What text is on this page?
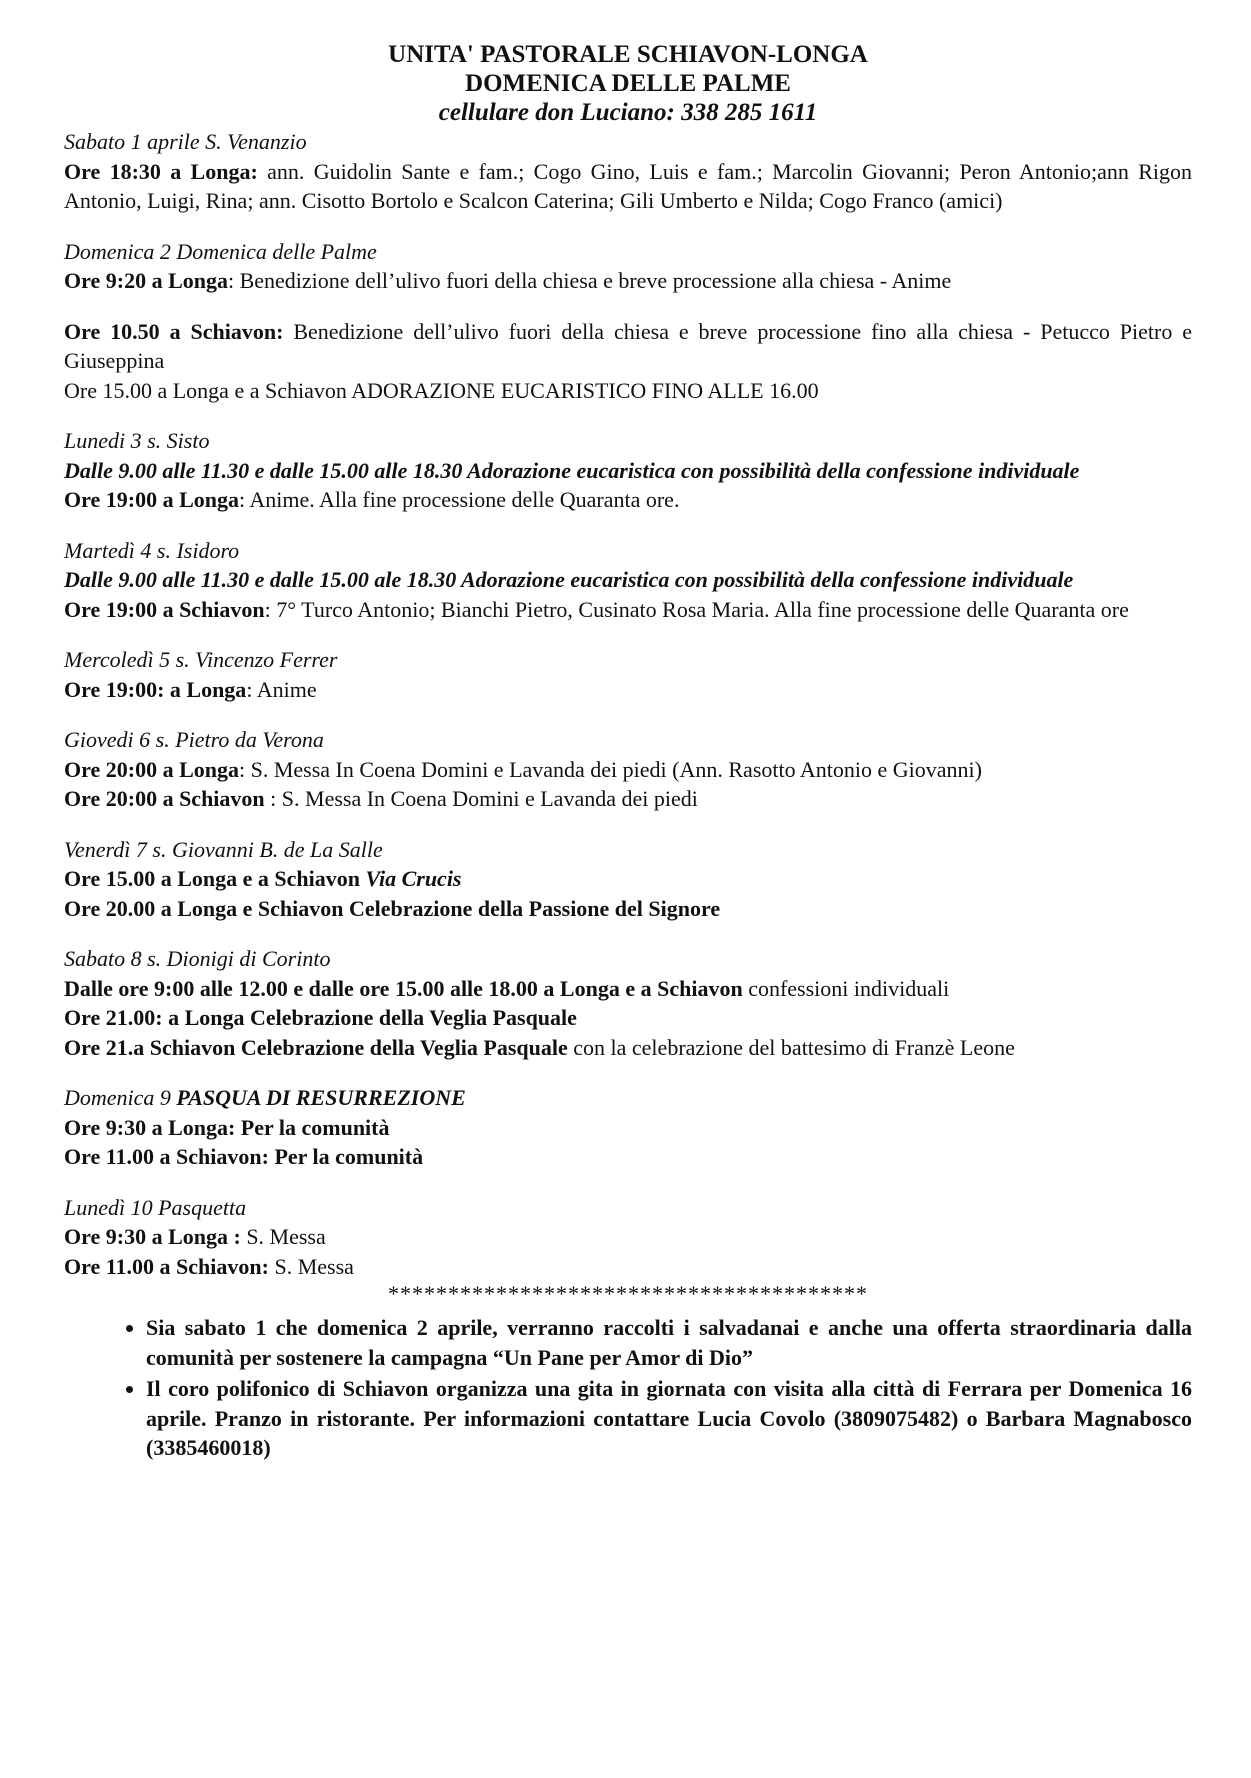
UNITA' PASTORALE SCHIAVON-LONGA
DOMENICA DELLE PALME
cellulare don Luciano: 338 285 1611
Sabato 1 aprile S. Venanzio
Ore 18:30 a Longa: ann. Guidolin Sante e fam.; Cogo Gino, Luis e fam.; Marcolin Giovanni; Peron Antonio;ann Rigon Antonio, Luigi, Rina; ann. Cisotto Bortolo e Scalcon Caterina; Gili Umberto e Nilda; Cogo Franco (amici)
Domenica 2 Domenica delle Palme
Ore 9:20 a Longa: Benedizione dell’ulivo fuori della chiesa e breve processione alla chiesa - Anime
Ore 10.50 a Schiavon: Benedizione dell’ulivo fuori della chiesa e breve processione fino alla chiesa - Petucco Pietro e Giuseppina
Ore 15.00 a Longa e a Schiavon ADORAZIONE EUCARISTICO FINO ALLE 16.00
Lunedi 3 s. Sisto
Dalle 9.00 alle 11.30 e dalle 15.00 alle 18.30 Adorazione eucaristica con possibilità della confessione individuale
Ore 19:00 a Longa: Anime. Alla fine processione delle Quaranta ore.
Martedì 4 s. Isidoro
Dalle 9.00 alle 11.30 e dalle 15.00 ale 18.30 Adorazione eucaristica con possibilità della confessione individuale
Ore 19:00 a Schiavon: 7° Turco Antonio; Bianchi Pietro, Cusinato Rosa Maria. Alla fine processione delle Quaranta ore
Mercoledì 5 s. Vincenzo Ferrer
Ore 19:00: a Longa: Anime
Giovedi 6 s. Pietro da Verona
Ore 20:00 a Longa: S. Messa In Coena Domini e Lavanda dei piedi (Ann. Rasotto Antonio e Giovanni)
Ore 20:00 a Schiavon : S. Messa In Coena Domini e Lavanda dei piedi
Venerdì 7 s. Giovanni B. de La Salle
Ore 15.00 a Longa e a Schiavon Via Crucis
Ore 20.00 a Longa e Schiavon Celebrazione della Passione del Signore
Sabato 8 s. Dionigi di Corinto
Dalle ore 9:00 alle 12.00 e dalle ore 15.00 alle 18.00 a Longa e a Schiavon confessioni individuali
Ore 21.00: a Longa Celebrazione della Veglia Pasquale
Ore 21.a Schiavon Celebrazione della Veglia Pasquale con la celebrazione del battesimo di Franzè Leone
Domenica 9 PASQUA DI RESURREZIONE
Ore 9:30 a Longa: Per la comunità
Ore 11.00 a Schiavon: Per la comunità
Lunedì 10 Pasquetta
Ore 9:30 a Longa : S. Messa
Ore 11.00 a Schiavon: S. Messa
****************************************
• Sia sabato 1 che domenica 2 aprile, verranno raccolti i salvadanai e anche una offerta straordinaria dalla comunità per sostenere la campagna “Un Pane per Amor di Dio”
• Il coro polifonico di Schiavon organizza una gita in giornata con visita alla città di Ferrara per Domenica 16 aprile. Pranzo in ristorante. Per informazioni contattare Lucia Covolo (3809075482) o Barbara Magnabosco (3385460018)
